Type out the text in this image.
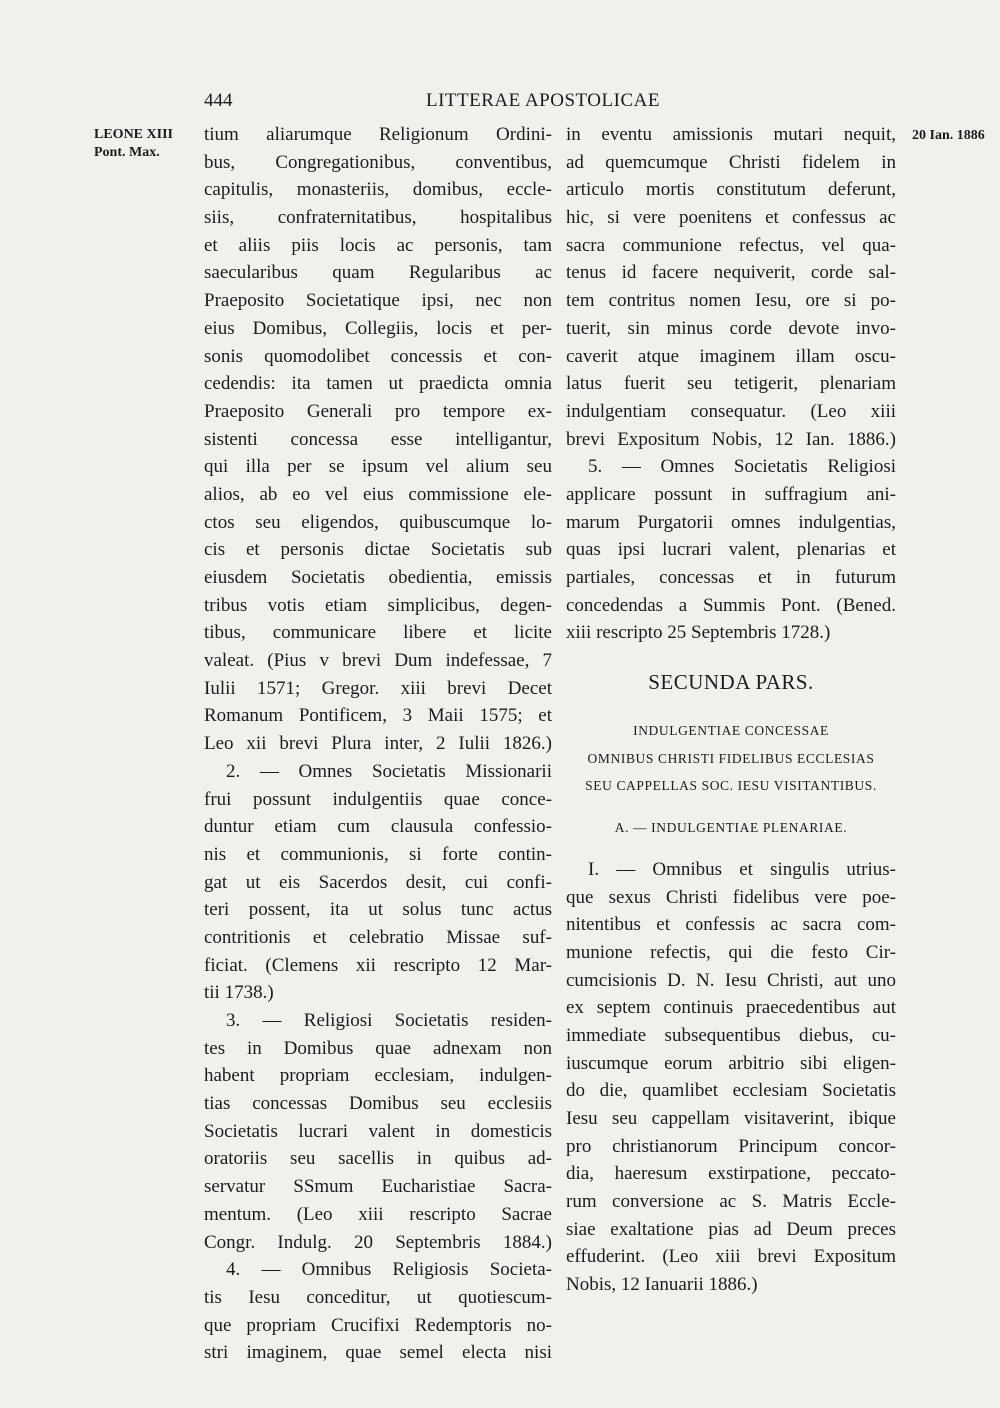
444	LITTERAE APOSTOLICAE
LEONE XIII
Pont. Max.
20 Ian. 1886
tium aliarumque Religionum Ordini-
bus, Congregationibus, conventibus,
capitulis, monasteriis, domibus, eccle-
siis, confraternitatibus, hospitalibus
et aliis piis locis ac personis, tam
saecularibus quam Regularibus ac
Praeposito Societatique ipsi, nec non
eius Domibus, Collegiis, locis et per-
sonis quomodolibet concessis et con-
cedendis: ita tamen ut praedicta omnia
Praeposito Generali pro tempore ex-
sistenti concessa esse intelligantur,
qui illa per se ipsum vel alium seu
alios, ab eo vel eius commissione ele-
ctos seu eligendos, quibuscumque lo-
cis et personis dictae Societatis sub
eiusdem Societatis obedientia, emissis
tribus votis etiam simplicibus, degen-
tibus, communicare libere et licite
valeat. (Pius v brevi Dum indefessae, 7
Iulii 1571; Gregor. xiii brevi Decet
Romanum Pontificem, 3 Maii 1575; et
Leo xii brevi Plura inter, 2 Iulii 1826.)
2. — Omnes Societatis Missionarii
frui possunt indulgentiis quae conce-
duntur etiam cum clausula confessio-
nis et communionis, si forte contin-
gat ut eis Sacerdos desit, cui confi-
teri possent, ita ut solus tunc actus
contritionis et celebratio Missae suf-
ficiat. (Clemens xii rescripto 12 Mar-
tii 1738.)
3. — Religiosi Societatis residen-
tes in Domibus quae adnexam non
habent propriam ecclesiam, indulgen-
tias concessas Domibus seu ecclesiis
Societatis lucrari valent in domesticis
oratoriis seu sacellis in quibus ad-
servatur SSmum Eucharistiae Sacra-
mentum. (Leo xiii rescripto Sacrae
Congr. Indulg. 20 Septembris 1884.)
4. — Omnibus Religiosis Societa-
tis Iesu conceditur, ut quotiescum-
que propriam Crucifixi Redemptoris no-
stri imaginem, quae semel electa nisi
in eventu amissionis mutari nequit,
ad quemcumque Christi fidelem in
articulo mortis constitutum deferunt,
hic, si vere poenitens et confessus ac
sacra communione refectus, vel qua-
tenus id facere nequiverit, corde sal-
tem contritus nomen Iesu, ore si po-
tuerit, sin minus corde devote invo-
caverit atque imaginem illam oscu-
latus fuerit seu tetigerit, plenariam
indulgentiam consequatur. (Leo xiii
brevi Expositum Nobis, 12 Ian. 1886.)
5. — Omnes Societatis Religiosi
applicare possunt in suffragium ani-
marum Purgatorii omnes indulgentias,
quas ipsi lucrari valent, plenarias et
partiales, concessas et in futurum
concedendas a Summis Pont. (Bened.
xiii rescripto 25 Septembris 1728.)
SECUNDA PARS.
INDULGENTIAE CONCESSAE
OMNIBUS CHRISTI FIDELIBUS ECCLESIAS
SEU CAPPELLAS SOC. IESU VISITANTIBUS.
A. — INDULGENTIAE PLENARIAE.
I. — Omnibus et singulis utrius-
que sexus Christi fidelibus vere poe-
nitentibus et confessis ac sacra com-
munione refectis, qui die festo Cir-
cumcisionis D. N. Iesu Christi, aut uno
ex septem continuis praecedentibus aut
immediate subsequentibus diebus, cu-
iuscumque eorum arbitrio sibi eligen-
do die, quamlibet ecclesiam Societatis
Iesu seu cappellam visitaverint, ibique
pro christianorum Principum concor-
dia, haeresum exstirpatione, peccato-
rum conversione ac S. Matris Eccle-
siae exaltatione pias ad Deum preces
effuderint. (Leo xiii brevi Expositum
Nobis, 12 Ianuarii 1886.)
